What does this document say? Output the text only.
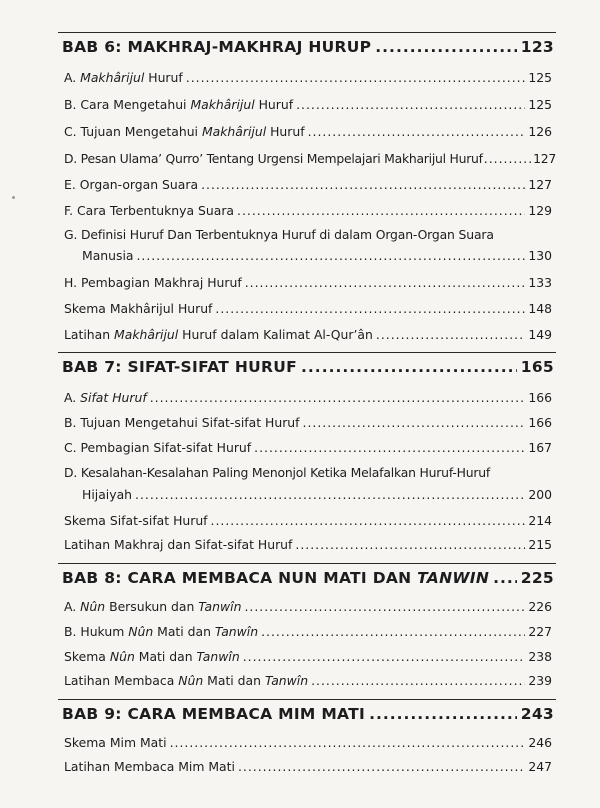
BAB 6: MAKHRAJ-MAKHRAJ HURUP .....	123
A. Makhârijul Huruf .....	125
B. Cara Mengetahui Makhârijul Huruf .....	125
C. Tujuan Mengetahui Makhârijul Huruf .....	126
D. Pesan Ulama’ Qurro’ Tentang Urgensi Mempelajari Makharijul Huruf .....	127
E. Organ-organ Suara .....	127
F. Cara Terbentuknya Suara .....	129
G. Definisi Huruf Dan Terbentuknya Huruf di dalam Organ-Organ Suara
Manusia .....	130
H. Pembagian Makhraj Huruf .....	133
Skema Makhârijul Huruf .....	148
Latihan Makhârijul Huruf dalam Kalimat Al-Qur’ân .....	149
BAB 7: SIFAT-SIFAT HURUF .....	165
A. Sifat Huruf .....	166
B. Tujuan Mengetahui Sifat-sifat Huruf .....	166
C. Pembagian Sifat-sifat Huruf .....	167
D. Kesalahan-Kesalahan Paling Menonjol Ketika Melafalkan Huruf-Huruf
Hijaiyah .....	200
Skema Sifat-sifat Huruf .....	214
Latihan Makhraj dan Sifat-sifat Huruf .....	215
BAB 8: CARA MEMBACA NUN MATI DAN TANWIN ..... 225
A. Nûn Bersukun dan Tanwîn .....	226
B. Hukum Nûn Mati dan Tanwîn .....	227
Skema Nûn Mati dan Tanwîn .....	238
Latihan Membaca Nûn Mati dan Tanwîn .....	239
BAB 9: CARA MEMBACA MIM MATI .....	243
Skema Mim Mati .....	246
Latihan Membaca Mim Mati .....	247
